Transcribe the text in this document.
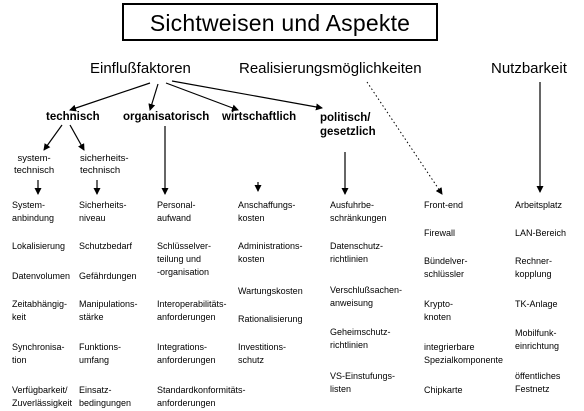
Sichtweisen und Aspekte
Einflußfaktoren	Realisierungsmöglichkeiten	Nutzbarkeit
technisch organisatorisch wirtschaftlich politisch/
gesetzlich
system-
technisch
sicherheits-
technisch
System-
anbindung
Lokalisierung
Datenvolumen
Zeitabhängig-
keit
Synchronisa-
tion
Verfügbarkeit/
Zuverlässigkeit
Sicherheits-
niveau
Schutzbedarf
Gefährdungen
Manipulations-
stärke
Funktions-
umfang
Einsatz-
bedingungen
Personal-
aufwand
Schlüsselver-
teilung und
-organisation
Interoperabilitäts-
anforderungen
Integrations-
anforderungen
Standardkonformitäts-
anforderungen
Anschaffungs-
kosten
Administrations-
kosten
Wartungskosten
Rationalisierung
Investitions-
schutz
Ausfuhrbe-
schränkungen
Datenschutz-
richtlinien
Verschlußsachen-
anweisung
Geheimschutz-
richtlinien
VS-Einstufungs-
listen
Front-end
Firewall
Bündelver-
schlüssler
Krypto-
knoten
integrierbare
Spezialkomponente
Chipkarte
Arbeitsplatz
LAN-Bereich
Rechner-
kopplung
TK-Anlage
Mobilfunk-
einrichtung
öffentliches
Festnetz
